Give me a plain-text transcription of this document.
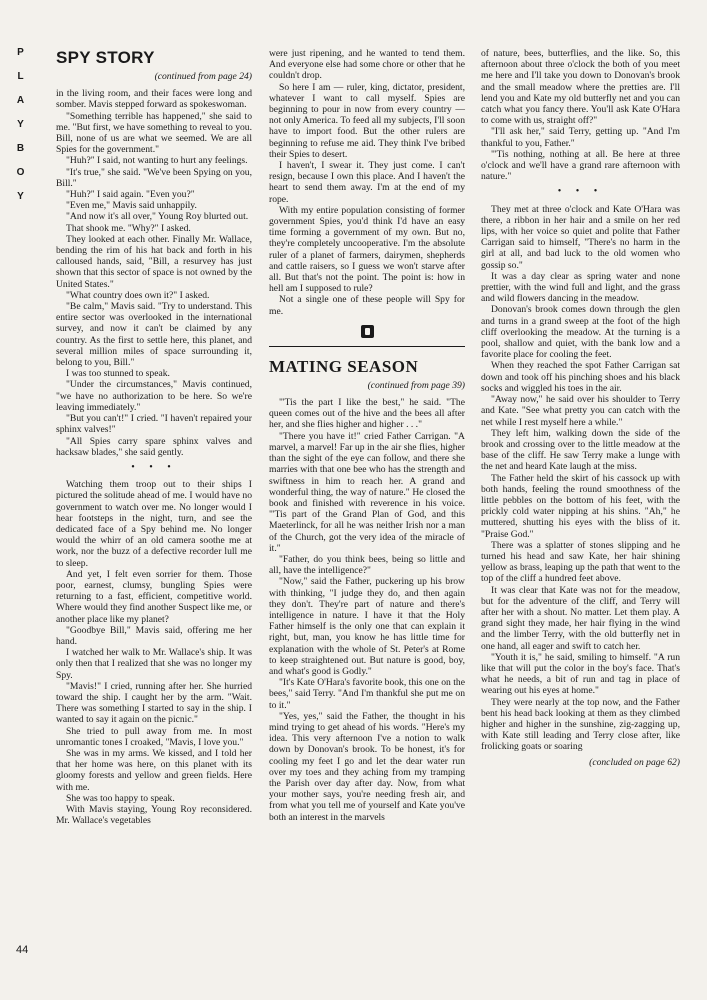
P
L
A
Y
B
O
Y
44
SPY STORY
(continued from page 24)

in the living room, and their faces were long and somber. Mavis stepped forward as spokeswoman.

"Something terrible has happened," she said to me. "But first, we have something to reveal to you. Bill, none of us are what we seemed. We are all Spies for the government."

"Huh?" I said, not wanting to hurt any feelings.

"It's true," she said. "We've been Spying on you, Bill."

"Huh?" I said again. "Even you?"

"Even me," Mavis said unhappily.

"And now it's all over," Young Roy blurted out.

That shook me. "Why?" I asked.

They looked at each other. Finally Mr. Wallace, bending the rim of his hat back and forth in his calloused hands, said, "Bill, a resurvey has just shown that this sector of space is not owned by the United States."

"What country does own it?" I asked.

"Be calm," Mavis said. "Try to understand. This entire sector was overlooked in the international survey, and now it can't be claimed by any country. As the first to settle here, this planet, and several million miles of space surrounding it, belong to you, Bill."

I was too stunned to speak.

"Under the circumstances," Mavis continued, "we have no authorization to be here. So we're leaving immediately."

"But you can't!" I cried. "I haven't repaired your sphinx valves!"

"All Spies carry spare sphinx valves and hacksaw blades," she said gently.

• • •

Watching them troop out to their ships I pictured the solitude ahead of me. I would have no government to watch over me. No longer would I hear footsteps in the night, turn, and see the dedicated face of a Spy behind me. No longer would the whirr of an old camera soothe me at work, nor the buzz of a defective recorder lull me to sleep.

And yet, I felt even sorrier for them. Those poor, earnest, clumsy, bungling Spies were returning to a fast, efficient, competitive world. Where would they find another Suspect like me, or another place like my planet?

"Goodbye Bill," Mavis said, offering me her hand.

I watched her walk to Mr. Wallace's ship. It was only then that I realized that she was no longer my Spy.

"Mavis!" I cried, running after her. She hurried toward the ship. I caught her by the arm. "Wait. There was something I started to say in the ship. I wanted to say it again on the picnic."

She tried to pull away from me. In most unromantic tones I croaked, "Mavis, I love you."

She was in my arms. We kissed, and I told her that her home was here, on this planet with its gloomy forests and yellow and green fields. Here with me.

She was too happy to speak.

With Mavis staying, Young Roy reconsidered. Mr. Wallace's vegetables

were just ripening, and he wanted to tend them. And everyone else had some chore or other that he couldn't drop.

So here I am — ruler, king, dictator, president, whatever I want to call myself. Spies are beginning to pour in now from every country — not only America. To feed all my subjects, I'll soon have to import food. But the other rulers are beginning to refuse me aid. They think I've bribed their Spies to desert.

I haven't, I swear it. They just come. I can't resign, because I own this place. And I haven't the heart to send them away. I'm at the end of my rope.

With my entire population consisting of former government Spies, you'd think I'd have an easy time forming a government of my own. But no, they're completely uncooperative. I'm the absolute ruler of a planet of farmers, dairymen, shepherds and cattle raisers, so I guess we won't starve after all. But that's not the point. The point is: how in hell am I supposed to rule?

Not a single one of these people will Spy for me.

MATING SEASON
(continued from page 39)

"'Tis the part I like the best," he said. "The queen comes out of the hive and the bees all after her, and she flies higher and higher . . ."

"There you have it!" cried Father Carrigan. "A marvel, a marvel! Far up in the air she flies, higher than the sight of the eye can follow, and there she marries with that one bee who has the strength and swiftness in him to reach her. A grand and wonderful thing, the way of nature." He closed the book and finished with reverence in his voice. "'Tis part of the Grand Plan of God, and this Maeterlinck, for all he was neither Irish nor a man of the Church, got the very idea of the miracle of it."

"Father, do you think bees, being so little and all, have the intelligence?"

"Now," said the Father, puckering up his brow with thinking, "I judge they do, and then again they don't. They're part of nature and there's intelligence in nature. I have it that the Holy Father himself is the only one that can explain it right, but, man, you know he has little time for explanation with the whole of St. Peter's at Rome to keep straightened out. But nature is good, boy, and what's good is Godly."

"It's Kate O'Hara's favorite book, this one on the bees," said Terry. "And I'm thankful she put me on to it."

"Yes, yes," said the Father, the thought in his mind trying to get ahead of his words. "Here's my idea. This very afternoon I've a notion to walk down by Donovan's brook. To be honest, it's for cooling my feet I go and let the dear water run over my toes and they aching from my tramping the Parish over day after day. Now, from what your mother says, you're needing fresh air, and from what you tell me of yourself and Kate you've both an interest in the marvels

of nature, bees, butterflies, and the like. So, this afternoon about three o'clock the both of you meet me here and I'll take you down to Donovan's brook and the small meadow where the pretties are. I'll lend you and Kate my old butterfly net and you can catch what you fancy there. You'll ask Kate O'Hara to come with us, straight off?"

"I'll ask her," said Terry, getting up. "And I'm thankful to you, Father."

"'Tis nothing, nothing at all. Be here at three o'clock and we'll have a grand rare afternoon with nature."

• • •

They met at three o'clock and Kate O'Hara was there, a ribbon in her hair and a smile on her red lips, with her voice so quiet and polite that Father Carrigan said to himself, "There's no harm in the girl at all, and bad luck to the old women who gossip so."

It was a day clear as spring water and none prettier, with the wind full and light, and the grass and wild flowers dancing in the meadow.

Donovan's brook comes down through the glen and turns in a grand sweep at the foot of the high cliff overlooking the meadow. At the turning is a pool, shallow and quiet, with the bank low and a favorite place for cooling the feet.

When they reached the spot Father Carrigan sat down and took off his pinching shoes and his black socks and wiggled his toes in the air.

"Away now," he said over his shoulder to Terry and Kate. "See what pretty you can catch with the net while I rest myself here a while."

They left him, walking down the side of the brook and crossing over to the little meadow at the base of the cliff. He saw Terry make a lunge with the net and heard Kate laugh at the miss.

The Father held the skirt of his cassock up with both hands, feeling the round smoothness of the little pebbles on the bottom of his feet, with the prickly cold water nipping at his shins. "Ah," he muttered, shutting his eyes with the bliss of it. "Praise God."

There was a splatter of stones slipping and he turned his head and saw Kate, her hair shining yellow as brass, leaping up the path that went to the top of the cliff a hundred feet above.

It was clear that Kate was not for the meadow, but for the adventure of the cliff, and Terry will after her with a shout. No matter. Let them play. A grand sight they made, her hair flying in the wind and the limber Terry, with the old butterfly net in one hand, all eager and swift to catch her.

"Youth it is," he said, smiling to himself. "A run like that will put the color in the boy's face. That's what he needs, a bit of run and tag in place of wearing out his eyes at home."

They were nearly at the top now, and the Father bent his head back looking at them as they climbed higher and higher in the sunshine, zig-zagging up, with Kate still leading and Terry close after, like frolicking goats or soaring

(concluded on page 62)
